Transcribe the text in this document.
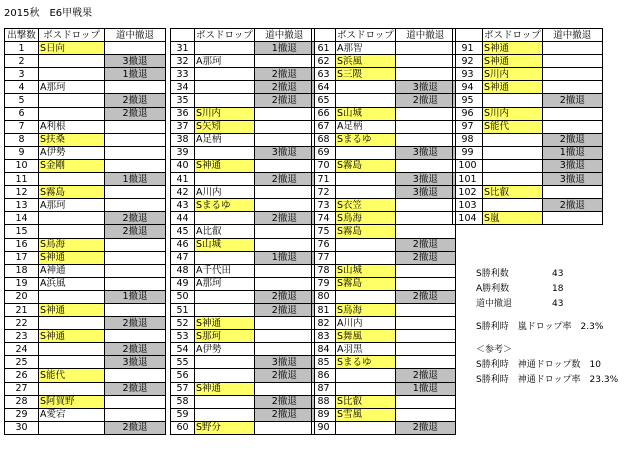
2015秋　E6甲戦果
出撃数	ボスドロップ	道中撤退
1	S日向	
2		3撤退
3		1撤退
4	A那珂	
5		2撤退
6		2撤退
7	A利根	
8	S扶桑	
9	A伊勢	
10	S金剛	
11		1撤退
12	S霧島	
13	A那珂	
14		2撤退
15		2撤退
16	S鳥海	
17	S神通	
18	A神通	
19	A浜風	
20		1撤退
21	S神通	
22		2撤退
23	S神通	
24		2撤退
25		3撤退
26	S能代	
27		2撤退
28	S阿賀野	
29	A愛宕	
30		2撤退
	ボスドロップ	道中撤退
31		1撤退
32	A那珂	
33		2撤退
34		2撤退
35		2撤退
36	S川内	
37	S矢矧	
38	A足柄	
39		3撤退
40	S神通	
41		2撤退
42	A川内	
43	Sまるゆ	
44		2撤退
45	A比叡	
46	S山城	
47		1撤退
48	A千代田	
49	A那珂	
50		2撤退
51		2撤退
52	S神通	
53	S那珂	
54	A伊勢	
55		3撤退
56		2撤退
57	S神通	
58		2撤退
59		2撤退
60	S野分	
	ボスドロップ	道中撤退
61	A那智	
62	S浜風	
63	S三隈	
64		3撤退
65		2撤退
66	S山城	
67	A足柄	
68	Sまるゆ	
69		3撤退
70	S霧島	
71		3撤退
72		3撤退
73	S衣笠	
74	S鳥海	
75	S霧島	
76		2撤退
77		2撤退
78	S山城	
79	S霧島	
80		2撤退
81	S鳥海	
82	A川内	
83	S舞風	
84	A羽黒	
85	Sまるゆ	
86		2撤退
87		1撤退
88	S比叡	
89	S雪風	
90		2撤退
	ボスドロップ	道中撤退
91	S神通	
92	S神通	
93	S川内	
94	S神通	
95		2撤退
96	S川内	
97	S能代	
98		2撤退
99		1撤退
100		3撤退
101		3撤退
102	S比叡	
103		2撤退
104	S嵐	
S勝利数	43
A勝利数	18
道中撤退	43
S勝利時　嵐ドロップ率　2.3%
＜参考＞
S勝利時　神通ドロップ数　10
S勝利時　神通ドロップ率　23.3%
